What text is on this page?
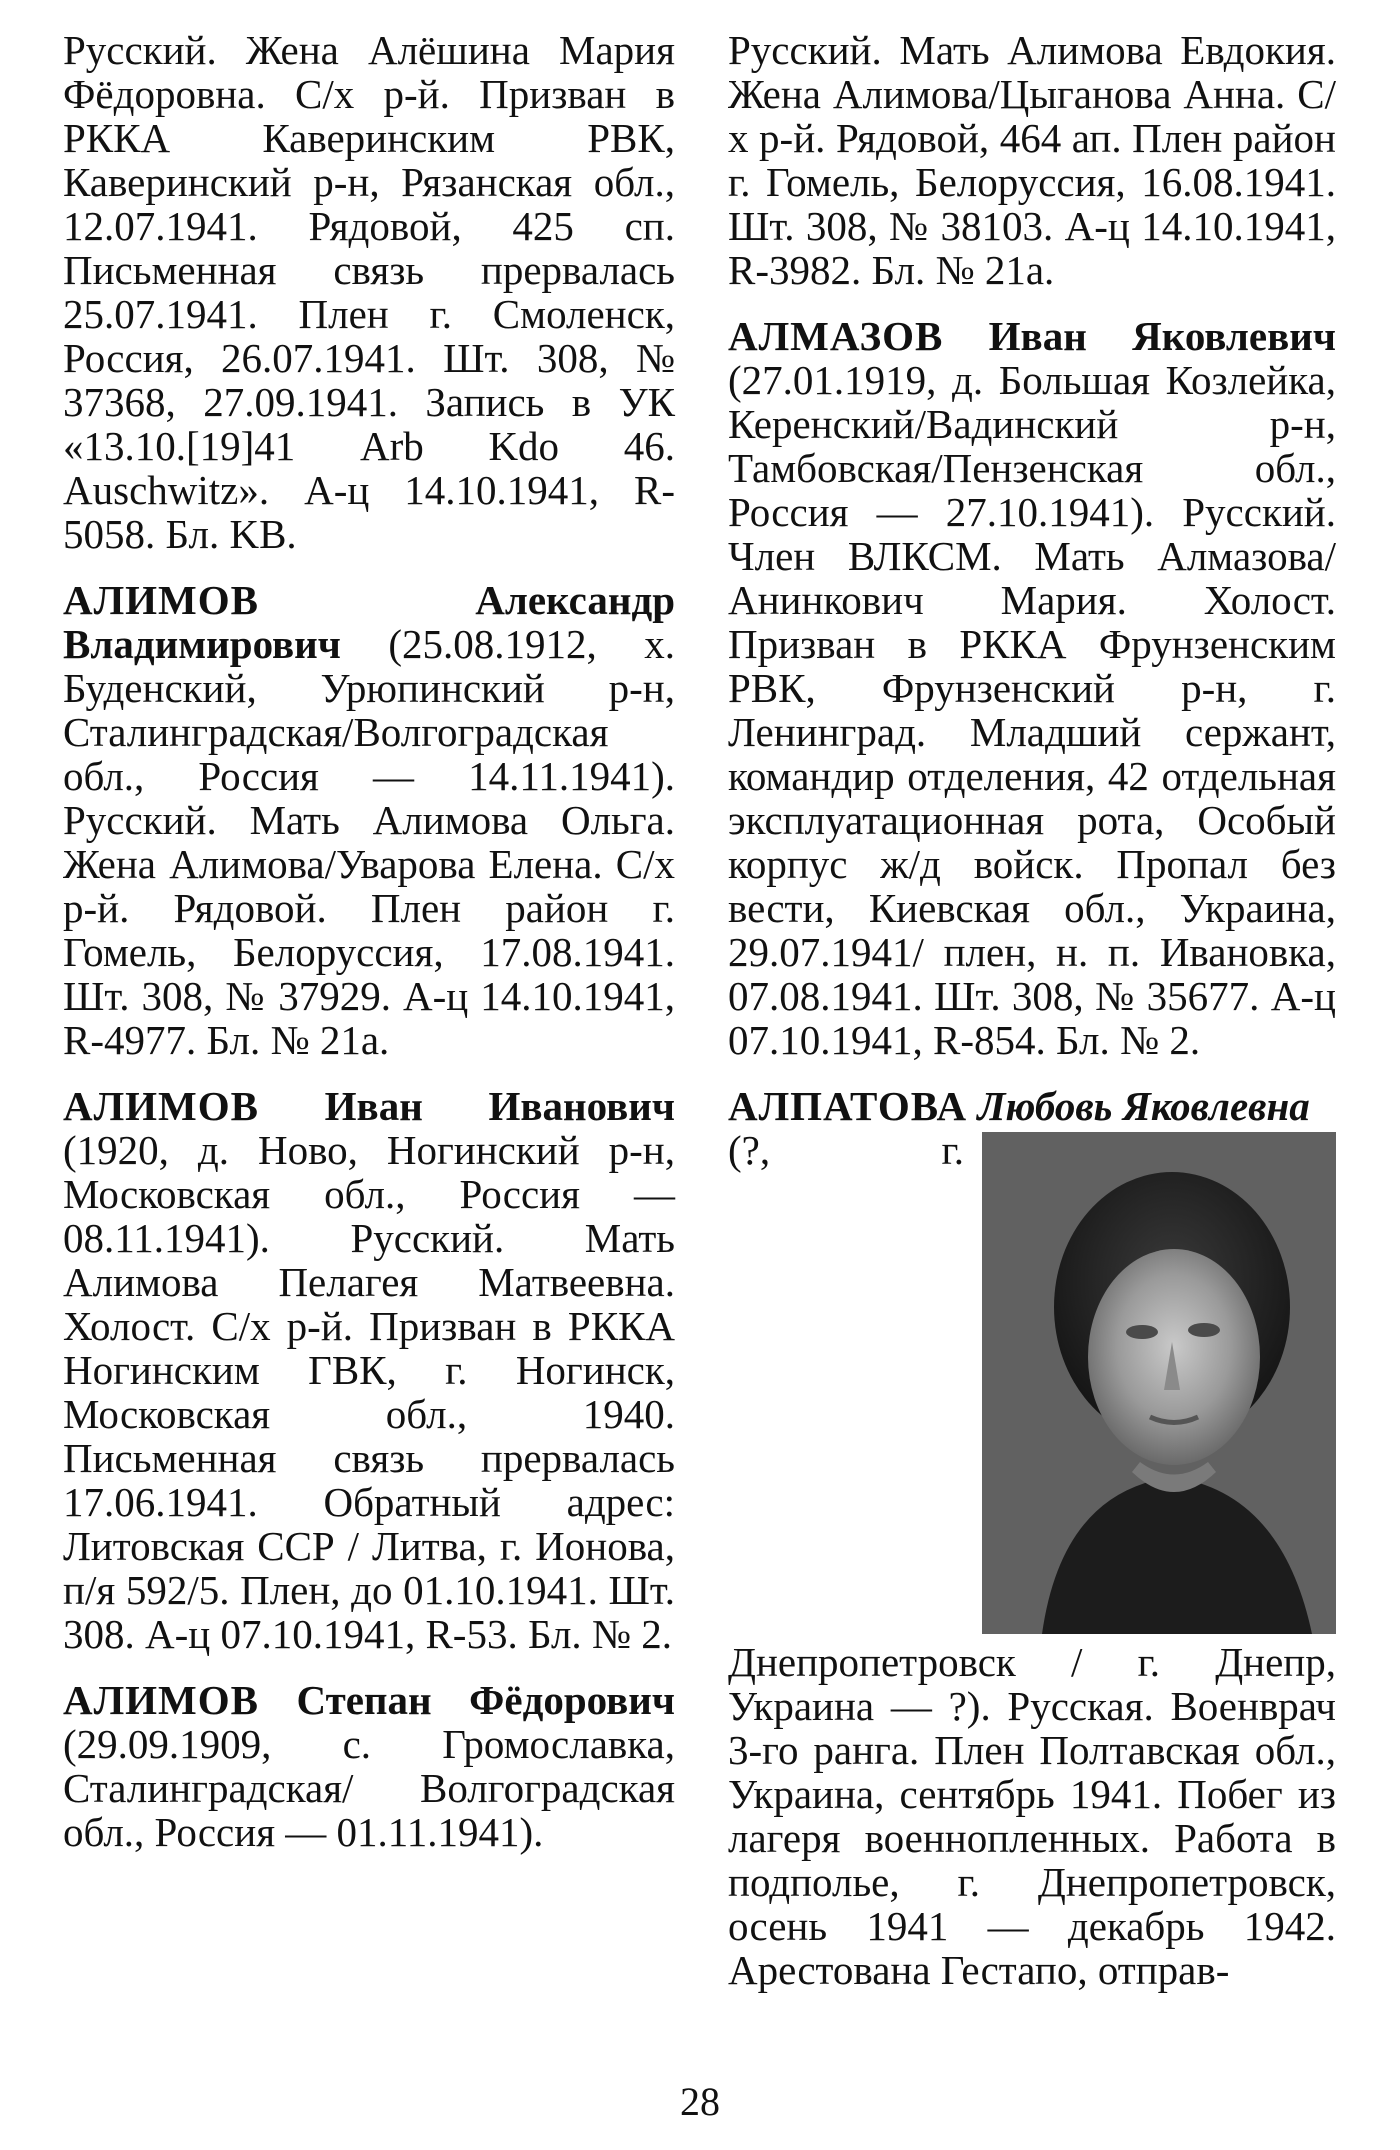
Русский. Жена Алёшина Мария Фёдоровна. С/х р-й. Призван в РККА Каверинским РВК, Каверинский р-н, Рязанская обл., 12.07.1941. Рядовой, 425 сп. Письменная связь прервалась 25.07.1941. Плен г. Смоленск, Россия, 26.07.1941. Шт. 308, № 37368, 27.09.1941. Запись в УК «13.10.[19]41 Arb Kdo 46. Auschwitz». А-ц 14.10.1941, R- 5058. Бл. KB.

АЛИМОВ	Александр Владимирович (25.08.1912, х. Буденский, Урюпинский р-н, Сталинградская/Волгоградская обл., Россия — 14.11.1941). Русский. Мать Алимова Ольга. Жена Алимова/Уварова Елена. С/х р-й. Рядовой. Плен район г. Гомель, Белоруссия, 17.08.1941. Шт. 308, № 37929. А-ц 14.10.1941, R-4977. Бл. № 21а.

АЛИМОВ Иван Иванович (1920, д. Ново, Ногинский р-н, Московская обл., Россия — 08.11.1941). Русский. Мать Алимова Пелагея Матвеевна. Холост. С/х р-й. Призван в РККА Ногинским ГВК, г. Ногинск, Московская обл., 1940. Письменная связь прервалась 17.06.1941. Обратный адрес: Литовская ССР / Литва, г. Ионова, п/я 592/5. Плен, до 01.10.1941. Шт. 308. А-ц 07.10.1941, R-53. Бл. № 2.

АЛИМОВ Степан Фёдорович (29.09.1909, с. Громославка, Сталинградская/ Волгоградская обл., Россия — 01.11.1941).

Русский. Мать Алимова Евдокия. Жена Алимова/Цыганова Анна. С/х р-й. Рядовой, 464 ап. Плен район г. Гомель, Белоруссия, 16.08.1941. Шт. 308, № 38103. А-ц 14.10.1941, R-3982. Бл. № 21а.

АЛМАЗОВ Иван Яковлевич (27.01.1919, д. Большая Козлейка, Керенский/Вадинский р-н, Тамбовская/Пензенская обл., Россия — 27.10.1941). Русский. Член ВЛКСМ. Мать Алмазова/Анинкович Мария. Холост. Призван в РККА Фрунзенским РВК, Фрунзенский р-н, г. Ленинград. Младший сержант, командир отделения, 42 отдельная эксплуатационная рота, Особый корпус ж/д войск. Пропал без вести, Киевская обл., Украина, 29.07.1941/ плен, н. п. Ивановка, 07.08.1941. Шт. 308, № 35677. А-ц 07.10.1941, R-854. Бл. № 2.

АЛПАТОВА Любовь Яковлевна

(?, г. Днепропетровск / г. Днепр, Украина — ?). Русская. Военврач 3-го ранга. Плен Полтавская обл., Украина, сентябрь 1941. Побег из лагеря военнопленных. Работа в подполье, г. Днепропетровск, осень 1941 — декабрь 1942. Арестована Гестапо, отправ-

28
